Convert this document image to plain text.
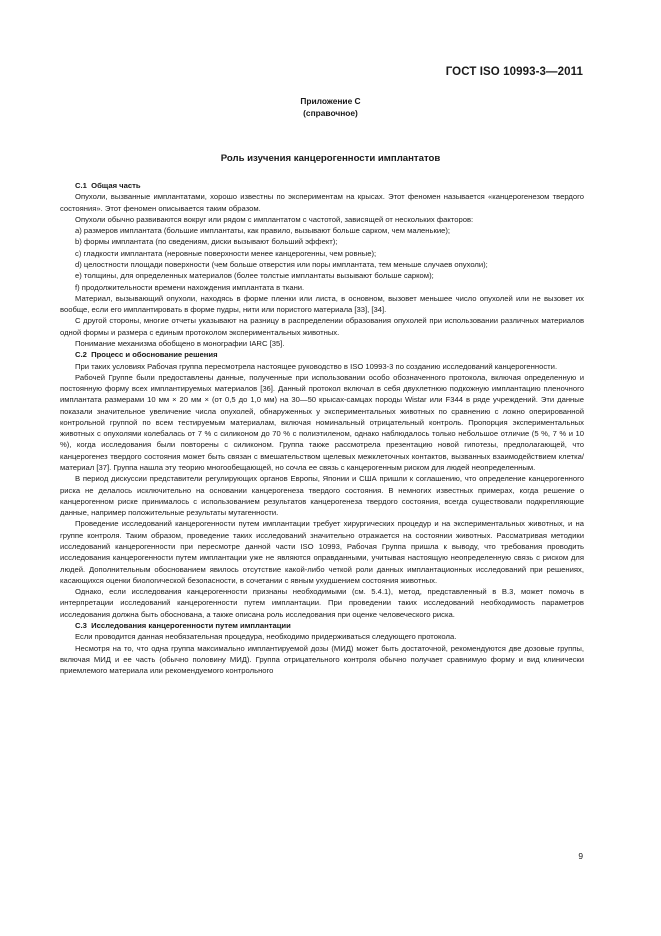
ГОСТ ISO 10993-3—2011
Приложение С
(справочное)
Роль изучения канцерогенности имплантатов

С.1 Общая часть

Опухоли, вызванные имплантатами, хорошо известны по экспериментам на крысах. Этот феномен называется «канцерогенезом твердого состояния». Этот феномен описывается таким образом.

Опухоли обычно развиваются вокруг или рядом с имплантатом с частотой, зависящей от нескольких факторов:

а) размеров имплантата (большие имплантаты, как правило, вызывают больше сарком, чем маленькие);

b) формы имплантата (по сведениям, диски вызывают больший эффект);

с) гладкости имплантата (неровные поверхности менее канцерогенны, чем ровные);

d) целостности площади поверхности (чем больше отверстия или поры имплантата, тем меньше случаев опухоли);

е) толщины, для определенных материалов (более толстые имплантаты вызывают больше сарком);

f) продолжительности времени нахождения имплантата в ткани.

Материал, вызывающий опухоли, находясь в форме пленки или листа, в основном, вызовет меньшее число опухолей или не вызовет их вообще, если его имплантировать в форме пудры, нити или пористого материала [33], [34].

С другой стороны, многие отчеты указывают на разницу в распределении образования опухолей при использовании различных материалов одной формы и размера с единым протоколом экспериментальных животных.

Понимание механизма обобщено в монографии IARC [35].

С.2 Процесс и обоснование решения

При таких условиях Рабочая группа пересмотрела настоящее руководство в ISO 10993-3 по созданию исследований канцерогенности.

Рабочей Группе были предоставлены данные, полученные при использовании особо обозначенного протокола, включая определенную и постоянную форму всех имплантируемых материалов [36]. Данный протокол включал в себя двухлетнюю подкожную имплантацию пленочного имплантата размерами 10 мм × 20 мм × (от 0,5 до 1,0 мм) на 30—50 крысах-самцах породы Wistar или F344 в ряде учреждений. Эти данные показали значительное увеличение числа опухолей, обнаруженных у экспериментальных животных по сравнению с ложно оперированной контрольной группой по всем тестируемым материалам, включая номинальный отрицательный контроль. Пропорция экспериментальных животных с опухолями колебалась от 7 % с силиконом до 70 % с полиэтиленом, однако наблюдалось только небольшое отличие (5 %, 7 % и 10 %), когда исследования были повторены с силиконом. Группа также рассмотрела презентацию новой гипотезы, предполагающей, что канцерогенез твердого состояния может быть связан с вмешательством щелевых межклеточных контактов, вызванных взаимодействием клетка/материал [37]. Группа нашла эту теорию многообещающей, но сочла ее связь с канцерогенным риском для людей неопределенным.

В период дискуссии представители регулирующих органов Европы, Японии и США пришли к соглашению, что определение канцерогенного риска не делалось исключительно на основании канцерогенеза твердого состояния. В немногих известных примерах, когда решение о канцерогенном риске принималось с использованием результатов канцерогенеза твердого состояния, всегда существовали подкрепляющие данные, например положительные результаты мутагенности.

Проведение исследований канцерогенности путем имплантации требует хирургических процедур и на экспериментальных животных, и на группе контроля. Таким образом, проведение таких исследований значительно отражается на состоянии животных. Рассматривая методики исследований канцерогенности при пересмотре данной части ISO 10993, Рабочая Группа пришла к выводу, что требования проводить исследования канцерогенности путем имплантации уже не являются оправданными, учитывая настоящую неопределенную связь с риском для людей. Дополнительным обоснованием явилось отсутствие какой-либо четкой роли данных имплантационных исследований при решениях, касающихся оценки биологической безопасности, в сочетании с явным ухудшением состояния животных.

Однако, если исследования канцерогенности признаны необходимыми (см. 5.4.1), метод, представленный в В.3, может помочь в интерпретации исследований канцерогенности путем имплантации. При проведении таких исследований необходимость параметров исследования должна быть обоснована, а также описана роль исследования при оценке человеческого риска.

С.3 Исследования канцерогенности путем имплантации

Если проводится данная необязательная процедура, необходимо придерживаться следующего протокола.

Несмотря на то, что одна группа максимально имплантируемой дозы (МИД) может быть достаточной, рекомендуются две дозовые группы, включая МИД и ее часть (обычно половину МИД). Группа отрицательного контроля обычно получает сравнимую форму и вид клинически приемлемого материала или рекомендуемого контрольного

9
